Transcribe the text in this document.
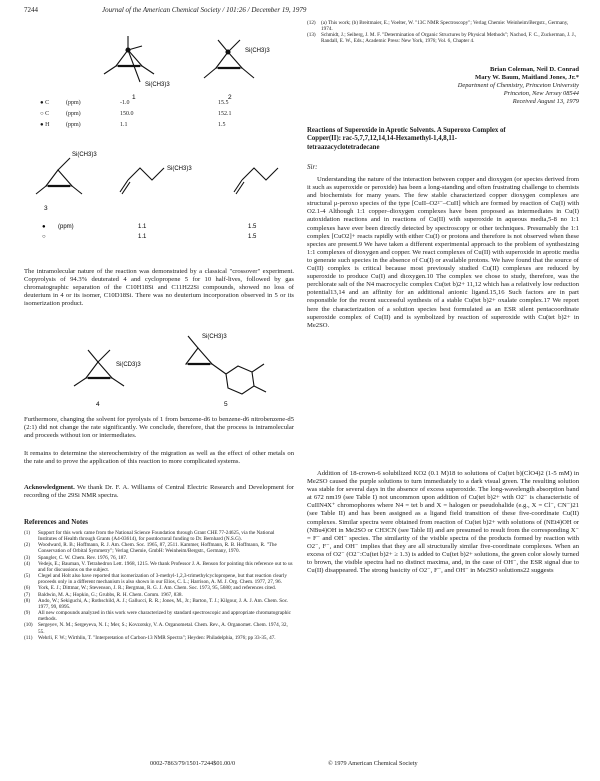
7244	Journal of the American Chemical Society / 101:26 / December 19, 1979
Si(CH3)3
1
Si(CH3)3
2
● C	(ppm)	-1.0	15.5
○ C	(ppm)	150.0	152.1
● H	(ppm)	1.1	1.5
Si(CH3)3
3
Si(CH3)3
● (ppm)	1.1	1.5
○	1.1	1.5
The intramolecular nature of the reaction was demonstrated by a classical "crossover" experiment. Copyrolysis of 94.3% deuterated 4 and cyclopropene 5 for 10 half-lives, followed by gas chromatographic separation of the C10H18Si and C11H22Si compounds, showed no loss of deuterium in 4 or its isomer, C10D18Si. There was no deuterium incorporation observed in 5 or its isomerization product.
Si(CD3)3
4
Si(CH3)3
5
Furthermore, changing the solvent for pyrolysis of 1 from benzene-d6 to benzene-d6 nitrobenzene-d5 (2:1) did not change the rate significantly. We conclude, therefore, that the process is intramolecular and proceeds without ion or intermediates.
It remains to determine the stereochemistry of the migration as well as the effect of other metals on the rate and to prove the application of this reaction to more complicated systems.
Acknowledgment. We thank Dr. F. A. Williams of Central Electric Research and Development for recording of the 29Si NMR spectra.
References and Notes
(1)	Support for this work came from the National Science Foundation through Grant CHE 77-24625, via the National Institutes of Health through Grants (A4-03614), for postdoctoral funding to Dr. Bernhard (N.S.G).
(2)	Woodward, R. B.; Hoffmann, R. J. Am. Chem. Soc. 1965, 87, 2511. Kammer, Hoffmann, R. B. Hoffmann, R. "The Conservation of Orbital Symmetry"; Verlag Chemie, GmbH: Weinheim/Bergstr., Germany, 1970.
(3)	Spangler, C. W. Chem. Rev. 1976, 76, 187.
(4)	Vedejs, E.; Bauman, V. Tetrahedron Lett. 1968, 1215. We thank Professor J. A. Benson for pointing this reference out to us and for discussions on the subject.
(5)	Clegel and Holt also have reported that isomerization of 3-methyl-1,2,3-trimethylcyclopropene, but that reaction clearly proceeds only in a different mechanism is also shown in our Elios, C. L.; Harrison, A. M. J. Org. Chem. 1977, 27, 96.
(6)	York, E. J.; Dittmar, W.; Stevenson, J. R.; Bergman, R. G. J. Am. Chem. Soc. 1973, 95, 5680; and references cited.
(7)	Baldwin, M. A.; Hopkin, G.; Grubbs, R. H. Chem. Comm. 1967, 838.
(8)	Ando, W.; Sekiguchi, A.; Rothschild, A. J.; Gallucci, R. R.; Jones, M., Jr.; Barton, T. J.; Kilgour, J. A. J. Am. Chem. Soc. 1977, 99, 6995.
(9)	All new compounds analyzed in this work were characterized by standard spectroscopic and appropriate chromatographic methods.
(10)	Sergeyev, N. M.; Sergeyeva, N. I.; Mer, S.; Kovzotsky, V. A. Organometal. Chem. Rev., A. Organomet. Chem. 1974, 32, 55.
(11)	Wehrli, F. W.; Wirthlin, T. "Interpretation of Carbon-13 NMR Spectra"; Heyden: Philadelphia, 1976; pp 33-35, 47.
(12)	(a) This work; (b) Breitmaier, E.; Voelter, W. "13C NMR Spectroscopy"; Verlag Chemie: Weinheim/Bergstr., Germany, 1974.
(13)	Schmidt, J.; Seiberg, J. M. F. "Determination of Organic Structures by Physical Methods"; Nachod, F. C., Zuckerman, J. J., Randall, E. W., Eds.; Academic Press: New York, 1976; Vol. 6, Chapter 4.
Brian Coleman, Neil D. Conrad
Mary W. Baum, Maitland Jones, Jr.*
Department of Chemistry, Princeton University
Princeton, New Jersey 08544
Received August 13, 1979
Reactions of Superoxide in Aprotic Solvents. A Superoxo Complex of Copper(II): rac-5,7,7,12,14,14-Hexamethyl-1,4,8,11-tetraazacyclotetradecane
Sir:
Understanding the nature of the interaction between copper and dioxygen (or species derived from it such as superoxide or peroxide) has been a long-standing and often frustrating challenge to chemists and biochemists for many years. The few stable characterized copper dioxygen complexes are structural μ-peroxo species of the type [CuII–O2²⁻–CuII] which are formed by reaction of Cu(I) with O2.1-4 Although 1:1 copper–dioxygen complexes have been proposed as intermediates in Cu(I) autoxidation reactions and in reactions of Cu(II) with superoxide in aqueous media,5-8 no 1:1 complexes have ever been directly detected by spectroscopy or other techniques. Presumably the 1:1 complex [CuO2]+ reacts rapidly with either Cu(I) or protons and therefore is not observed when these species are present.9 We have taken a different experimental approach to the problem of synthesizing 1:1 complexes of dioxygen and copper. We react complexes of Cu(II) with superoxide in aprotic media to generate such species in the absence of Cu(I) or available protons. We have found that the source of Cu(II) complex is critical because most previously studied Cu(II) complexes are reduced by superoxide to produce Cu(I) and dioxygen.10 The complex we chose to study, therefore, was the perchlorate salt of the N4 macrocyclic complex Cu(tet b)2+ 11,12 which has a relatively low reduction potential13,14 and an affinity for an additional anionic ligand.15,16 Such factors are in part responsible for the recent successful synthesis of a stable Cu(tet b)2+ oxalate complex.17 We report here the characterization of a solution species best formulated as an ESR silent pentacoordinate superoxide complex of Cu(II) and is symbolized by reaction of superoxide with Cu(tet b)2+ in Me2SO.
Addition of 18-crown-6 solubilized KO2 (0.1 M)18 to solutions of Cu(tet b)(ClO4)2 (1-5 mM) in Me2SO caused the purple solutions to turn immediately to a dark visual green. The resulting solution was stable for several days in the absence of excess superoxide. The long-wavelength absorption band at 672 nm19 (see Table I) not uncommon upon addition of Cu(tet b)2+ with O2⁻ is characteristic of CuIIN4X⁺ chromophores where N4 = tet b and X = halogen or pseudohalide (e.g., X = Cl⁻, CN⁻)21 (see Table II) and has been assigned as a ligand field transition of these five-coordinate Cu(II) complexes. Similar spectra were obtained from reaction of Cu(tet b)2+ with solutions of (NEt4)OH or (NBu4)OH in Me2SO or CH3CN (see Table II) and are presumed to result from the corresponding X⁻ = F⁻ and OH⁻ species. The similarity of the visible spectra of the products formed by reaction with O2⁻, F⁻, and OH⁻ implies that they are all structurally similar five-coordinate complexes. When an excess of O2⁻ (O2⁻:Cu(tet b)2+ ≥ 1.3) is added to Cu(tet b)2+ solutions, the green color slowly turned to brown, the visible spectra had no distinct maxima, and, in the case of OH⁻, the ESR signal due to Cu(II) disappeared. The strong basicity of O2⁻, F⁻, and OH⁻ in Me2SO solutions22 suggests
0002-7863/79/1501-7244$01.00/0	© 1979 American Chemical Society
